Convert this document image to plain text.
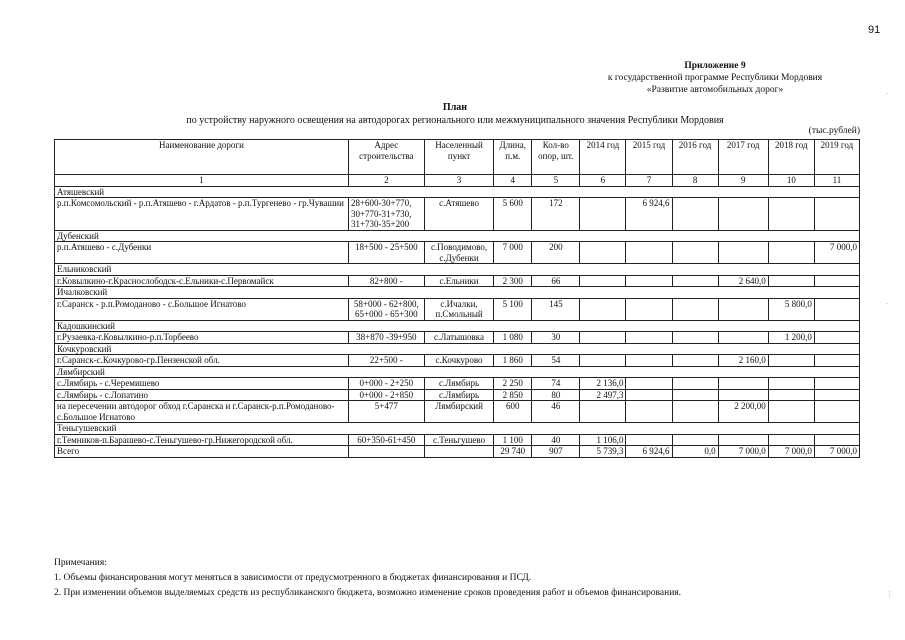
91
Приложение 9
к государственной программе Республики Мордовия
«Развитие автомобильных дорог»
План
по устройству наружного освещения на автодорогах регионального или межмуниципального значения Республики Мордовия
(тыс.рублей)
Наименование дороги	Адрес строительства	Населенный пункт	Длина, п.м.	Кол-во опор, шт.	2014 год	2015 год	2016 год	2017 год	2018 год	2019 год
1	2	3	4	5	6	7	8	9	10	11
Атяшевский										
р.п.Комсомольский - р.п.Атяшево - г.Ардатов - р.п.Тургенево - гр.Чувашии	28+600-30+770, 30+770-31+730, 31+730-35+200	с.Атяшево	5 600	172		6 924,6				
Дубенский										
р.п.Атяшево - с.Дубенки	18+500 - 25+500	с.Поводимово, с.Дубенки	7 000	200						7 000,0
Ельниковский										
г.Ковылкино-г.Краснослободск-с.Ельники-с.Первомайск	82+800 -	с.Ельники	2 300	66				2 640,0		
Ичалковский										
г.Саранск - р.п.Ромоданово - с.Большое Игнатово	58+000 - 62+800, 65+000 - 65+300	с.Ичалки, п.Смольный	5 100	145					5 800,0	
Кадошкинский										
г.Рузаевка-г.Ковылкино-р.п.Торбеево	38+870 -39+950	с.Латышовка	1 080	30					1 200,0	
Кочкуровский										
г.Саранск-с.Кочкурово-гр.Пензенской обл.	22+500 -	с.Кочкурово	1 860	54				2 160,0		
Лямбирский										
с.Лямбирь - с.Черемишево	0+000 - 2+250	с.Лямбирь	2 250	74	2 136,0					
с.Лямбирь - с.Лопатино	0+000 - 2+850	с.Лямбирь	2 850	80	2 497,3					
на пересечении автодорог обход г.Саранска и г.Саранск-р.п.Ромоданово-с.Большое Игнатово	5+477	Лямбирский	600	46				2 200,00		
Теньгушевский										
г.Темников-п.Барашево-с.Теньгушево-гр.Нижегородской обл.	60+350-61+450	с.Теньгушево	1 100	40	1 106,0					
Всего			29 740	907	5 739,3	6 924,6	0,0	7 000,0	7 000,0	7 000,0
Примечания:
1. Объемы финансирования могут меняться в зависимости от предусмотренного в бюджетах финансирования и ПСД.
2. При изменении объемов выделяемых средств из республиканского бюджета, возможно изменение сроков проведения работ и объемов финансирования.
·
·
⋮
